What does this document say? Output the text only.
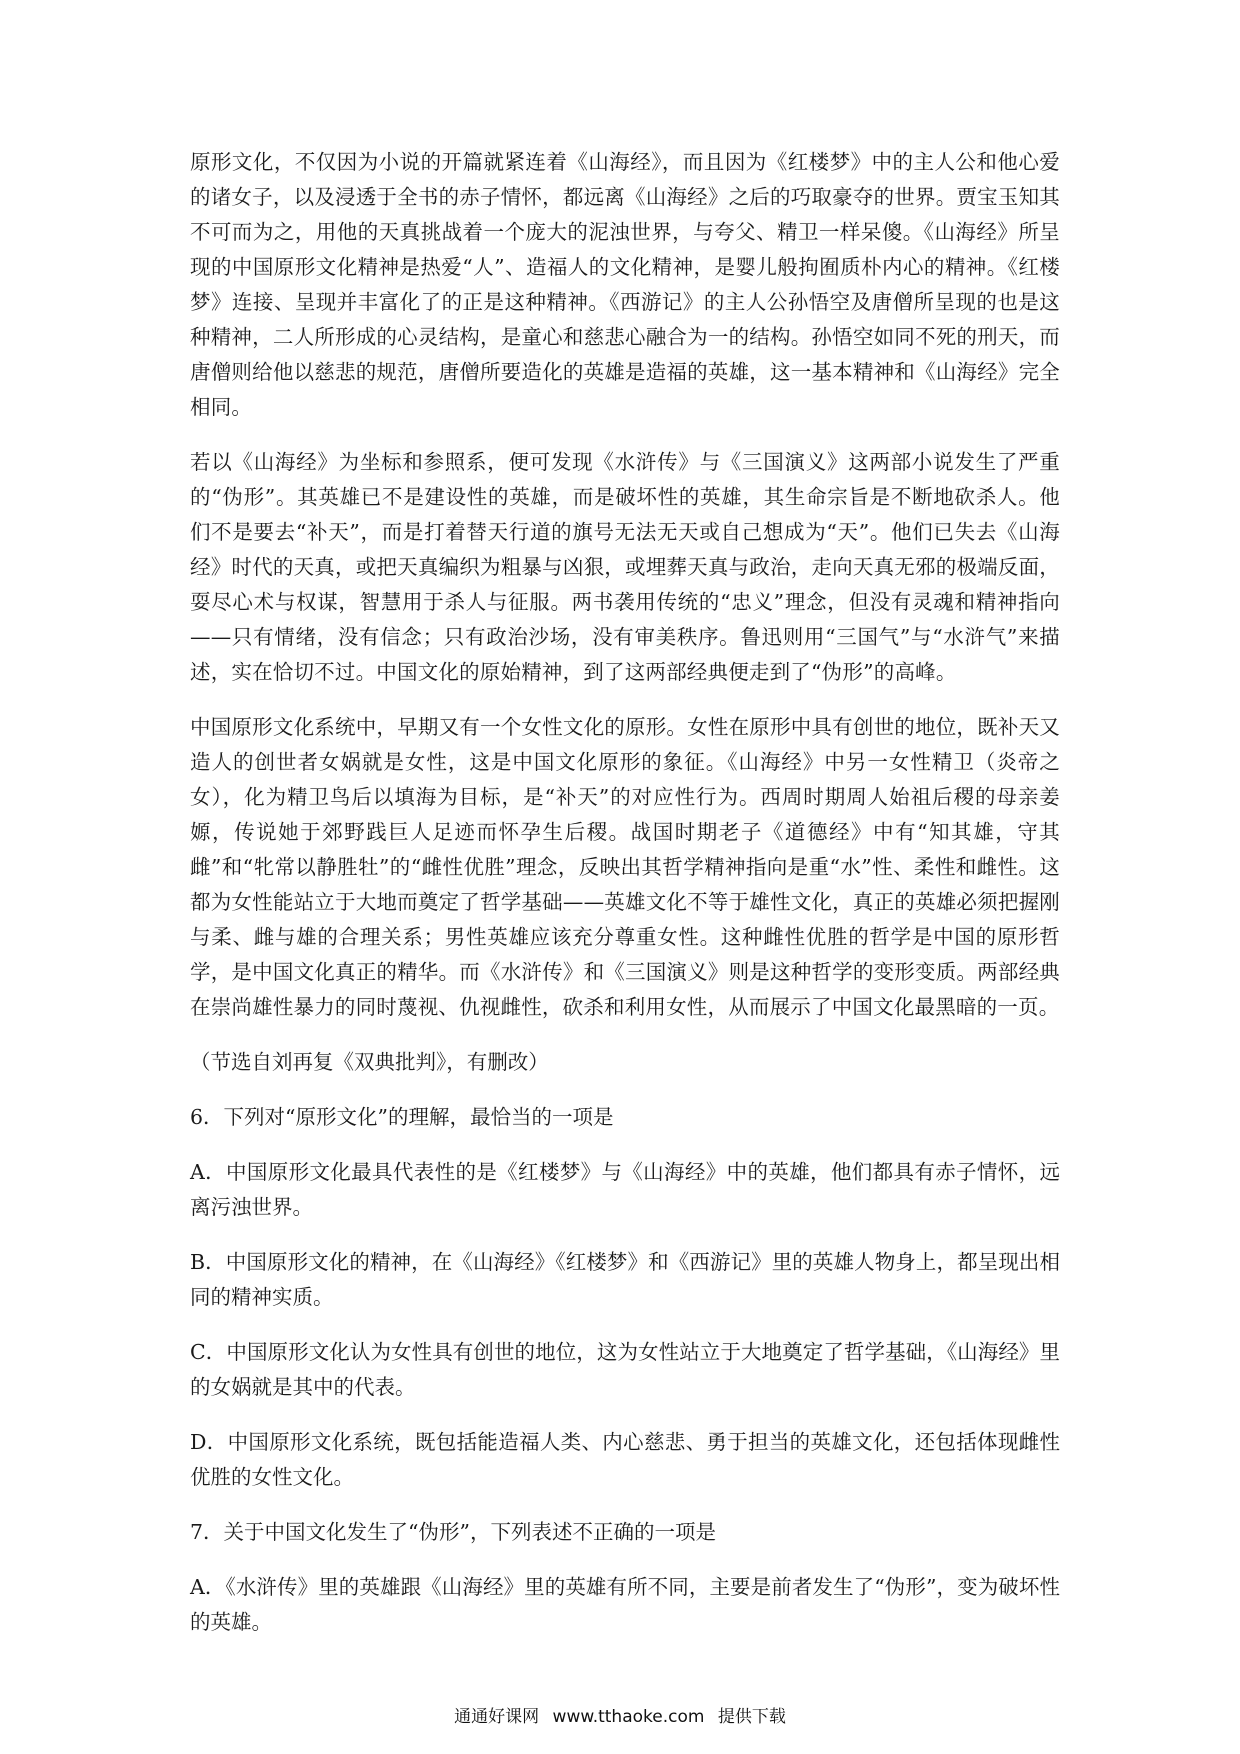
原形文化，不仅因为小说的开篇就紧连着《山海经》，而且因为《红楼梦》中的主人公和他心爱的诸女子，以及浸透于全书的赤子情怀，都远离《山海经》之后的巧取豪夺的世界。贾宝玉知其不可而为之，用他的天真挑战着一个庞大的泥浊世界，与夸父、精卫一样呆傻。《山海经》所呈现的中国原形文化精神是热爱“人”、造福人的文化精神，是婴儿般拘囿质朴内心的精神。《红楼梦》连接、呈现并丰富化了的正是这种精神。《西游记》的主人公孙悟空及唐僧所呈现的也是这种精神，二人所形成的心灵结构，是童心和慈悲心融合为一的结构。孙悟空如同不死的刑天，而唐僧则给他以慈悲的规范，唐僧所要造化的英雄是造福的英雄，这一基本精神和《山海经》完全相同。

若以《山海经》为坐标和参照系，便可发现《水浒传》与《三国演义》这两部小说发生了严重的“伪形”。其英雄已不是建设性的英雄，而是破坏性的英雄，其生命宗旨是不断地砍杀人。他们不是要去“补天”，而是打着替天行道的旗号无法无天或自己想成为“天”。他们已失去《山海经》时代的天真，或把天真编织为粗暴与凶狠，或埋葬天真与政治，走向天真无邪的极端反面，耍尽心术与权谋，智慧用于杀人与征服。两书袭用传统的“忠义”理念，但没有灵魂和精神指向——只有情绪，没有信念；只有政治沙场，没有审美秩序。鲁迅则用“三国气”与“水浒气”来描述，实在恰切不过。中国文化的原始精神，到了这两部经典便走到了“伪形”的高峰。

中国原形文化系统中，早期又有一个女性文化的原形。女性在原形中具有创世的地位，既补天又造人的创世者女娲就是女性，这是中国文化原形的象征。《山海经》中另一女性精卫（炎帝之女），化为精卫鸟后以填海为目标，是“补天”的对应性行为。西周时期周人始祖后稷的母亲姜嫄，传说她于郊野践巨人足迹而怀孕生后稷。战国时期老子《道德经》中有“知其雄，守其雌”和“牝常以静胜牡”的“雌性优胜”理念，反映出其哲学精神指向是重“水”性、柔性和雌性。这都为女性能站立于大地而奠定了哲学基础——英雄文化不等于雄性文化，真正的英雄必须把握刚与柔、雌与雄的合理关系；男性英雄应该充分尊重女性。这种雌性优胜的哲学是中国的原形哲学，是中国文化真正的精华。而《水浒传》和《三国演义》则是这种哲学的变形变质。两部经典在崇尚雄性暴力的同时蔑视、仇视雌性，砍杀和利用女性，从而展示了中国文化最黑暗的一页。

（节选自刘再复《双典批判》，有删改）

6．下列对“原形文化”的理解，最恰当的一项是

A．中国原形文化最具代表性的是《红楼梦》与《山海经》中的英雄，他们都具有赤子情怀，远离污浊世界。

B．中国原形文化的精神，在《山海经》《红楼梦》和《西游记》里的英雄人物身上，都呈现出相同的精神实质。

C．中国原形文化认为女性具有创世的地位，这为女性站立于大地奠定了哲学基础，《山海经》里的女娲就是其中的代表。

D．中国原形文化系统，既包括能造福人类、内心慈悲、勇于担当的英雄文化，还包括体现雌性优胜的女性文化。

7．关于中国文化发生了“伪形”，下列表述不正确的一项是

A．《水浒传》里的英雄跟《山海经》里的英雄有所不同，主要是前者发生了“伪形”，变为破坏性的英雄。

通通好课网 www.tthaoke.com 提供下载
